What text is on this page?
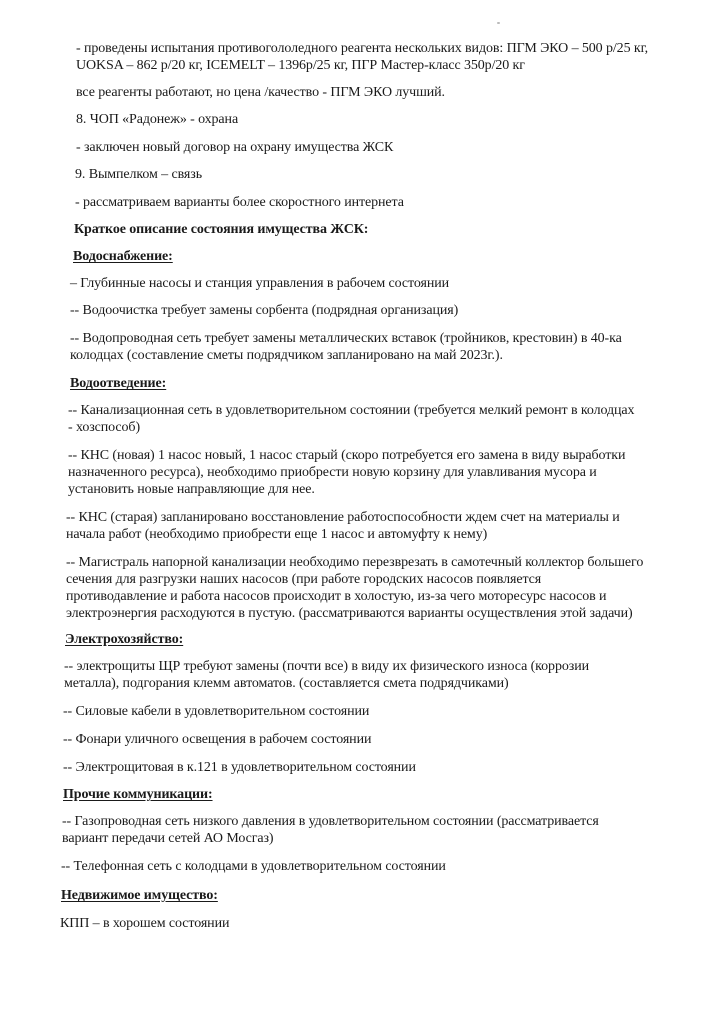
- проведены испытания противогололедного реагента нескольких видов: ПГМ ЭКО – 500 р/25 кг,
UOKSA – 862 р/20 кг, ICEMELT – 1396р/25 кг, ПГР Мастер-класс 350р/20 кг
все реагенты работают, но цена /качество - ПГМ ЭКО лучший.
8. ЧОП «Радонеж» - охрана
- заключен новый договор на охрану имущества ЖСК
9. Вымпелком – связь
- рассматриваем варианты более скоростного интернета
Краткое описание состояния имущества ЖСК:
Водоснабжение:
– Глубинные насосы и станция управления в рабочем состоянии
-- Водоочистка требует замены сорбента (подрядная организация)
-- Водопроводная сеть требует замены металлических вставок (тройников, крестовин) в 40-ка
колодцах (составление сметы подрядчиком запланировано на май 2023г.).
Водоотведение:
-- Канализационная сеть в удовлетворительном состоянии (требуется мелкий ремонт в колодцах
- хозспособ)
-- КНС (новая) 1 насос новый, 1 насос старый (скоро потребуется его замена в виду выработки
назначенного ресурса), необходимо приобрести новую корзину для улавливания мусора и
установить новые направляющие для нее.
-- КНС (старая) запланировано восстановление работоспособности ждем счет на материалы и
начала работ (необходимо приобрести еще 1 насос и автомуфту к нему)
-- Магистраль напорной канализации необходимо перезврезать в самотечный коллектор большего
сечения для разгрузки наших насосов (при работе городских насосов появляется
противодавление и работа насосов происходит в холостую, из-за чего моторесурс насосов и
электроэнергия расходуются в пустую. (рассматриваются варианты осуществления этой задачи)
Электрохозяйство:
-- электрощиты ЩР требуют замены (почти все) в виду их физического износа (коррозии
металла), подгорания клемм автоматов. (составляется смета подрядчиками)
-- Силовые кабели в удовлетворительном состоянии
-- Фонари уличного освещения в рабочем состоянии
-- Электрощитовая в к.121 в удовлетворительном состоянии
Прочие коммуникации:
-- Газопроводная сеть низкого давления в удовлетворительном состоянии (рассматривается
вариант передачи сетей АО Мосгаз)
-- Телефонная сеть с колодцами в удовлетворительном состоянии
Недвижимое имущество:
КПП – в хорошем состоянии
